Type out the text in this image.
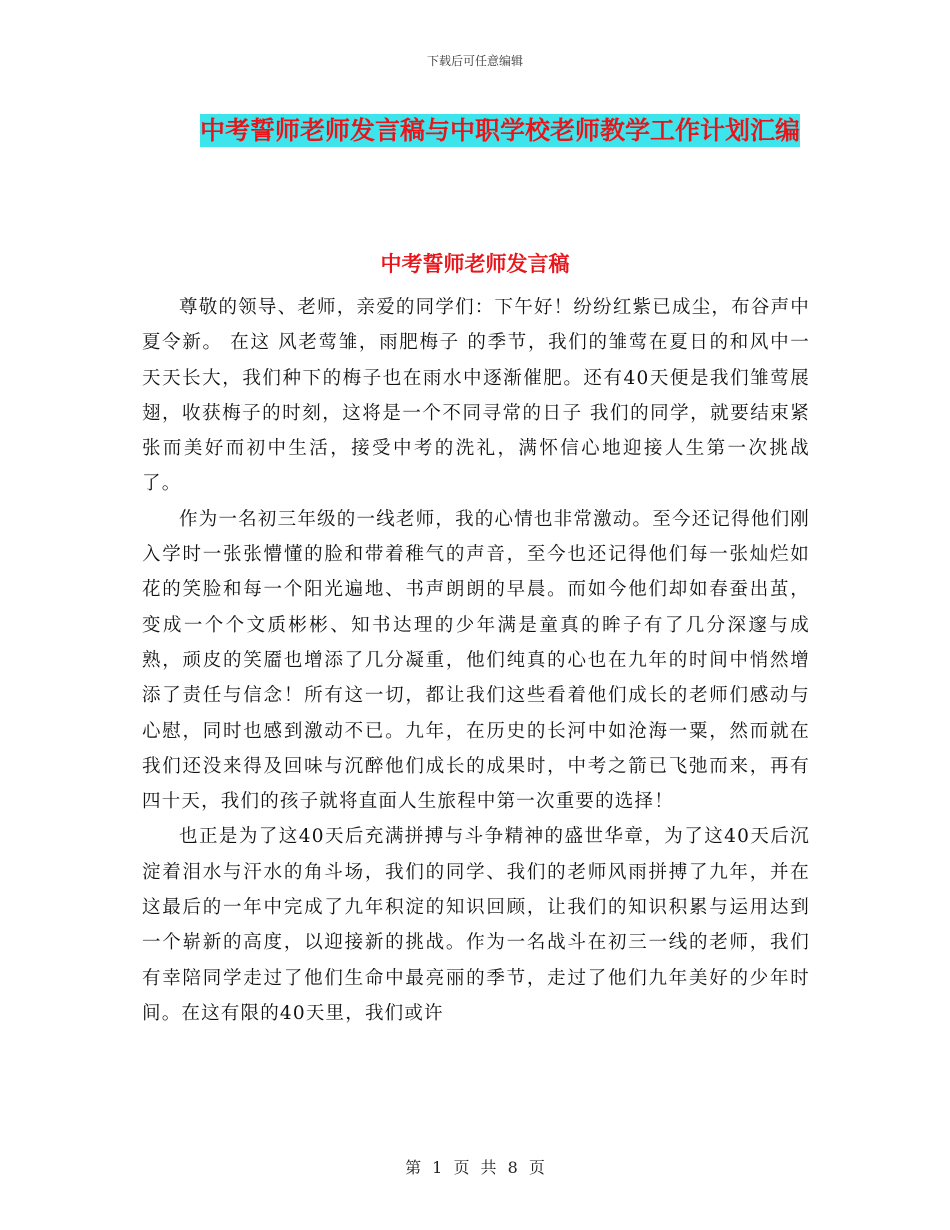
下载后可任意编辑
中考誓师老师发言稿与中职学校老师教学工作计划汇编
中考誓师老师发言稿

尊敬的领导、老师，亲爱的同学们：下午好！纷纷红紫已成尘，布谷声中夏令新。 在这 风老莺雏，雨肥梅子 的季节，我们的雏莺在夏日的和风中一天天长大，我们种下的梅子也在雨水中逐渐催肥。还有40天便是我们雏莺展翅，收获梅子的时刻，这将是一个不同寻常的日子 我们的同学，就要结束紧张而美好而初中生活，接受中考的洗礼，满怀信心地迎接人生第一次挑战了。

作为一名初三年级的一线老师，我的心情也非常激动。至今还记得他们刚入学时一张张懵懂的脸和带着稚气的声音，至今也还记得他们每一张灿烂如花的笑脸和每一个阳光遍地、书声朗朗的早晨。而如今他们却如春蚕出茧，变成一个个文质彬彬、知书达理的少年满是童真的眸子有了几分深邃与成熟，顽皮的笑靥也增添了几分凝重，他们纯真的心也在九年的时间中悄然增添了责任与信念！所有这一切，都让我们这些看着他们成长的老师们感动与心慰，同时也感到激动不已。九年，在历史的长河中如沧海一粟，然而就在我们还没来得及回味与沉醉他们成长的成果时，中考之箭已飞弛而来，再有四十天，我们的孩子就将直面人生旅程中第一次重要的选择！

也正是为了这40天后充满拼搏与斗争精神的盛世华章，为了这40天后沉淀着泪水与汗水的角斗场，我们的同学、我们的老师风雨拼搏了九年，并在这最后的一年中完成了九年积淀的知识回顾，让我们的知识积累与运用达到一个崭新的高度，以迎接新的挑战。作为一名战斗在初三一线的老师，我们有幸陪同学走过了他们生命中最亮丽的季节，走过了他们九年美好的少年时间。在这有限的40天里，我们或许

第 1 页 共 8 页
